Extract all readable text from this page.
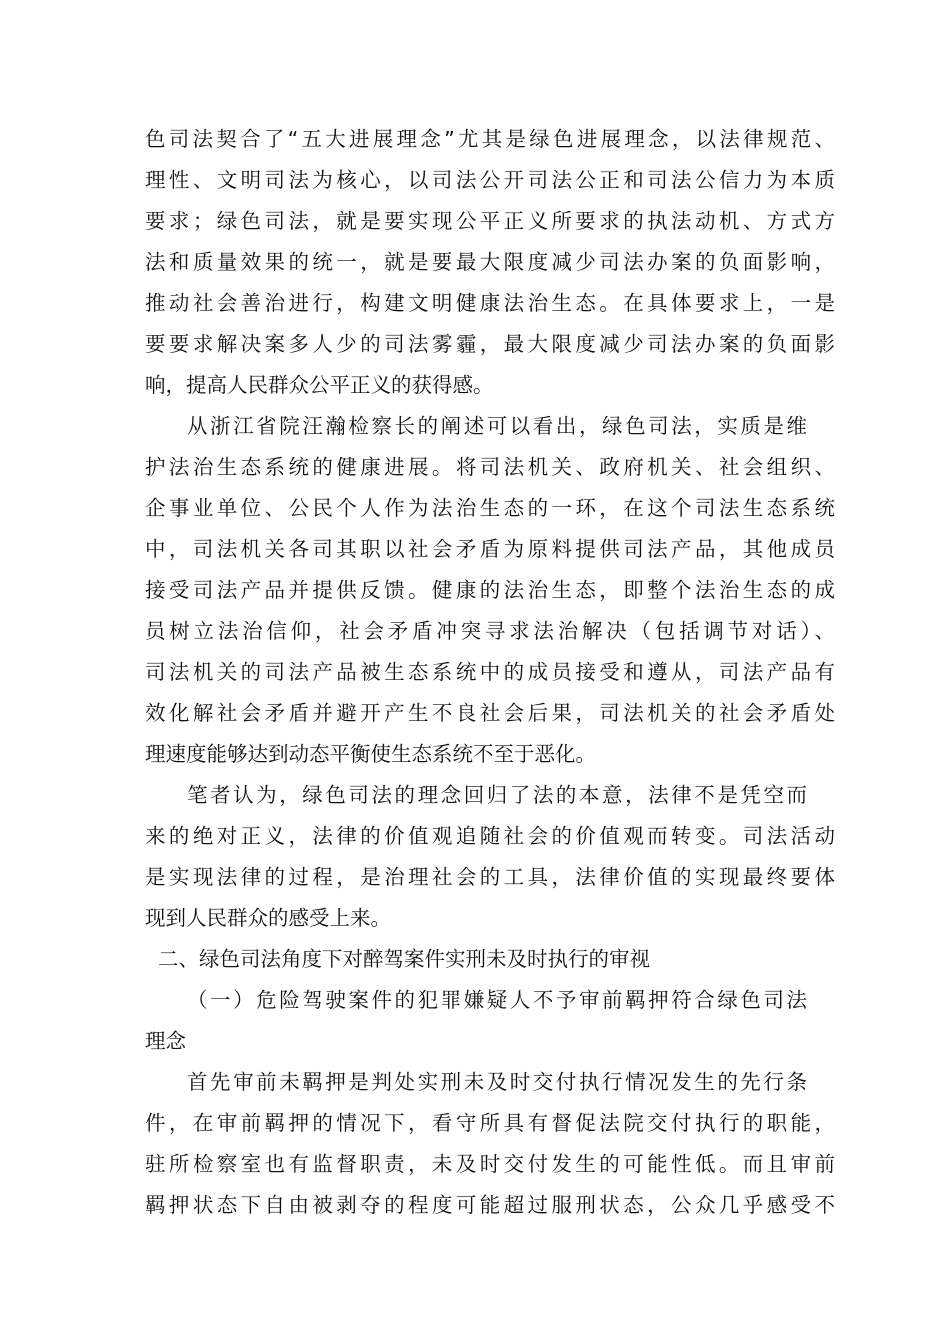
色司法契合了“五大进展理念”尤其是绿色进展理念，以法律规范、
理性、文明司法为核心，以司法公开司法公正和司法公信力为本质
要求；绿色司法，就是要实现公平正义所要求的执法动机、方式方
法和质量效果的统一，就是要最大限度减少司法办案的负面影响，
推动社会善治进行，构建文明健康法治生态。在具体要求上，一是
要要求解决案多人少的司法雾霾，最大限度减少司法办案的负面影
响，提高人民群众公平正义的获得感。
从浙江省院汪瀚检察长的阐述可以看出，绿色司法，实质是维
护法治生态系统的健康进展。将司法机关、政府机关、社会组织、
企事业单位、公民个人作为法治生态的一环，在这个司法生态系统
中，司法机关各司其职以社会矛盾为原料提供司法产品，其他成员
接受司法产品并提供反馈。健康的法治生态，即整个法治生态的成
员树立法治信仰，社会矛盾冲突寻求法治解决（包括调节对话）、
司法机关的司法产品被生态系统中的成员接受和遵从，司法产品有
效化解社会矛盾并避开产生不良社会后果，司法机关的社会矛盾处
理速度能够达到动态平衡使生态系统不至于恶化。
笔者认为，绿色司法的理念回归了法的本意，法律不是凭空而
来的绝对正义，法律的价值观追随社会的价值观而转变。司法活动
是实现法律的过程，是治理社会的工具，法律价值的实现最终要体
现到人民群众的感受上来。
二、绿色司法角度下对醉驾案件实刑未及时执行的审视
（一）危险驾驶案件的犯罪嫌疑人不予审前羁押符合绿色司法
理念
首先审前未羁押是判处实刑未及时交付执行情况发生的先行条
件，在审前羁押的情况下，看守所具有督促法院交付执行的职能，
驻所检察室也有监督职责，未及时交付发生的可能性低。而且审前
羁押状态下自由被剥夺的程度可能超过服刑状态，公众几乎感受不
